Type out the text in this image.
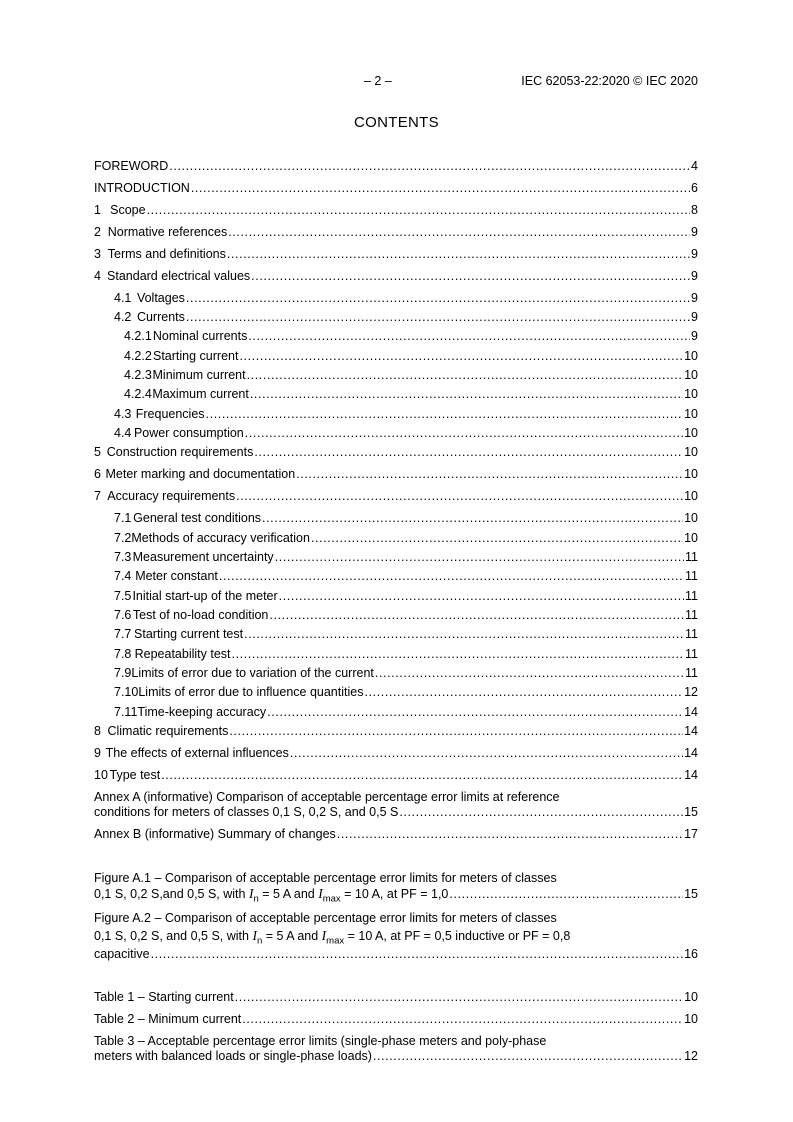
– 2 –	IEC 62053-22:2020 © IEC 2020
CONTENTS
FOREWORD .....	4
INTRODUCTION .....	6
1 Scope .....	8
2 Normative references .....	9
3 Terms and definitions .....	9
4 Standard electrical values .....	9
4.1 Voltages .....	9
4.2 Currents .....	9
4.2.1 Nominal currents .....	9
4.2.2 Starting current .....	10
4.2.3 Minimum current .....	10
4.2.4 Maximum current .....	10
4.3 Frequencies .....	10
4.4 Power consumption .....	10
5 Construction requirements .....	10
6 Meter marking and documentation .....	10
7 Accuracy requirements .....	10
7.1 General test conditions .....	10
7.2 Methods of accuracy verification .....	10
7.3 Measurement uncertainty .....	11
7.4 Meter constant .....	11
7.5 Initial start-up of the meter .....	11
7.6 Test of no-load condition .....	11
7.7 Starting current test .....	11
7.8 Repeatability test .....	11
7.9 Limits of error due to variation of the current .....	11
7.10 Limits of error due to influence quantities .....	12
7.11 Time-keeping accuracy .....	14
8 Climatic requirements .....	14
9 The effects of external influences .....	14
10 Type test .....	14
Annex A (informative) Comparison of acceptable percentage error limits at reference
conditions for meters of classes 0,1 S, 0,2 S, and 0,5 S .....	15
Annex B (informative) Summary of changes .....	17
Figure A.1 – Comparison of acceptable percentage error limits for meters of classes
0,1 S, 0,2 S,and 0,5 S, with $I_n = 5$ A and $I_{max} = 10$ A, at PF = 1,0 .....	15
Figure A.2 – Comparison of acceptable percentage error limits for meters of classes
0,1 S, 0,2 S, and 0,5 S, with $I_n = 5$ A and $I_{max} = 10$ A, at PF = 0,5 inductive or PF = 0,8
capacitive .....	16
Table 1 – Starting current .....	10
Table 2 – Minimum current .....	10
Table 3 – Acceptable percentage error limits (single-phase meters and poly-phase
meters with balanced loads or single-phase loads) .....	12
